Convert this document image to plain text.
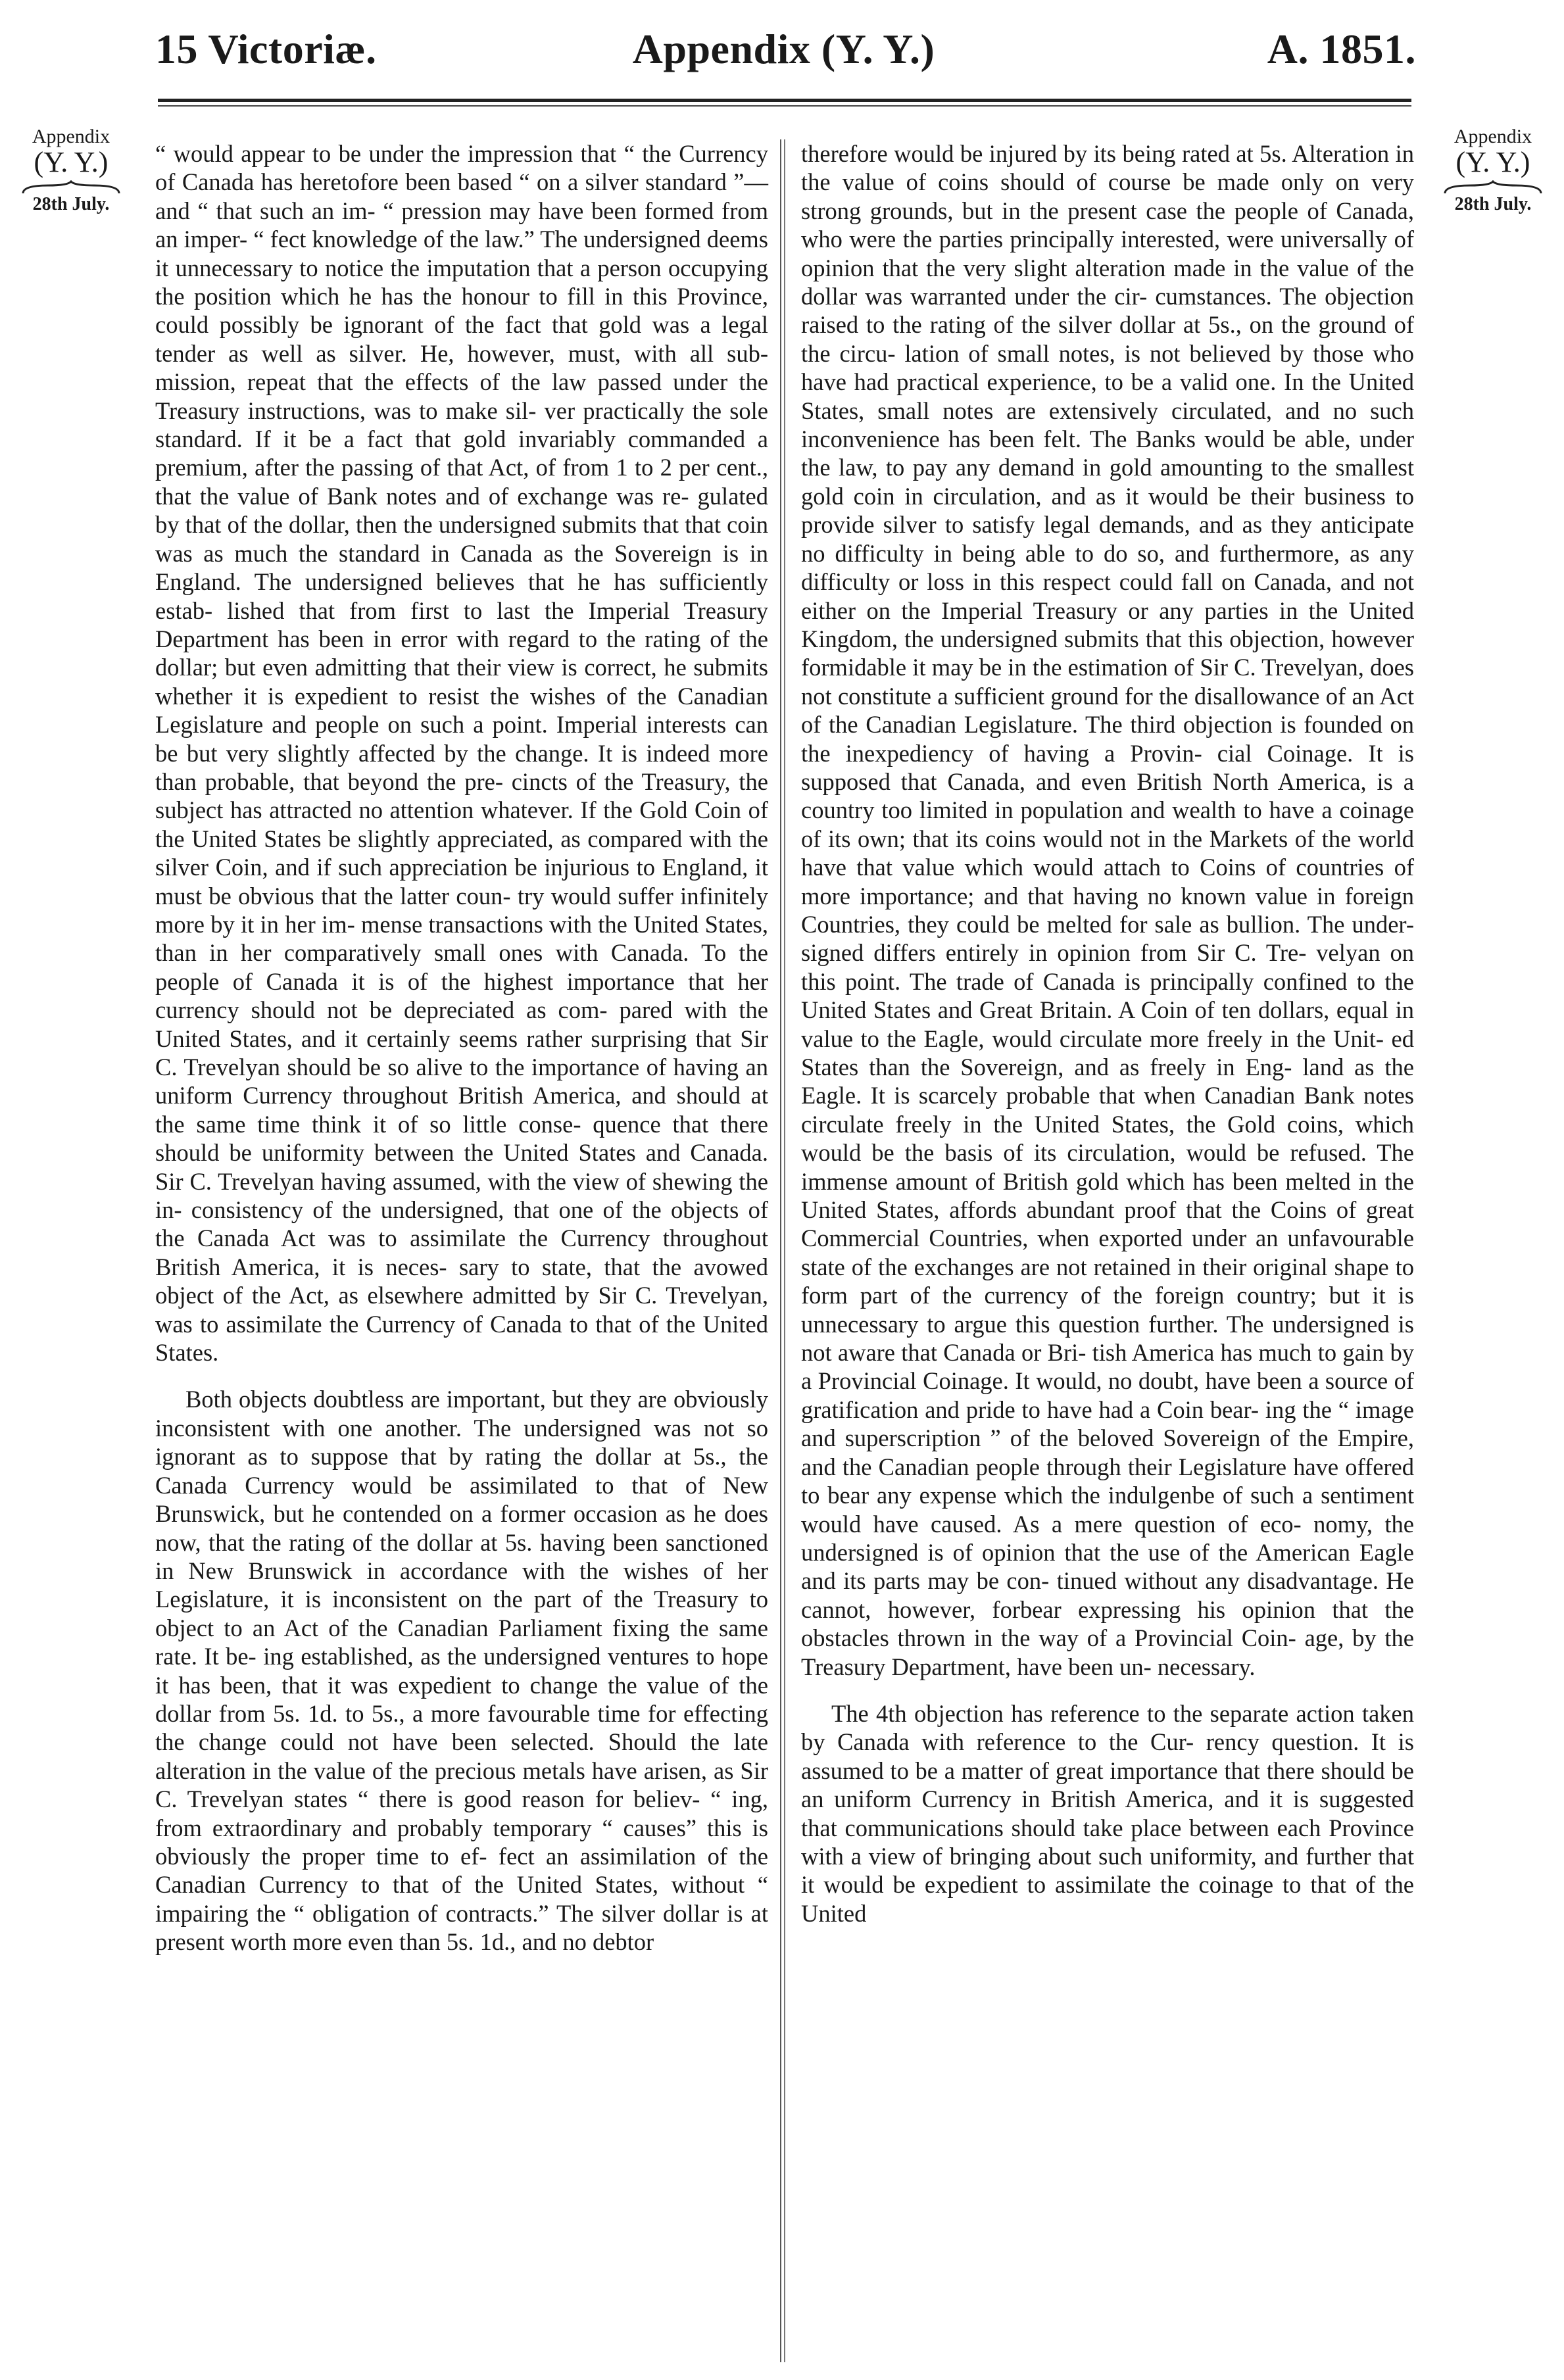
15 Victoriæ.	Appendix (Y. Y.)	A. 1851.
Appendix
(Y. Y.)
28th July.
Appendix
(Y. Y.)
28th July.

“ would appear to be under the impression that “ the Currency of Canada has heretofore been based “ on a silver standard ”—and “ that such an im- “ pression may have been formed from an imper- “ fect knowledge of the law.” The undersigned deems it unnecessary to notice the imputation that a person occupying the position which he has the honour to fill in this Province, could possibly be ignorant of the fact that gold was a legal tender as well as silver. He, however, must, with all sub- mission, repeat that the effects of the law passed under the Treasury instructions, was to make sil- ver practically the sole standard. If it be a fact that gold invariably commanded a premium, after the passing of that Act, of from 1 to 2 per cent., that the value of Bank notes and of exchange was re- gulated by that of the dollar, then the undersigned submits that that coin was as much the standard in Canada as the Sovereign is in England. The undersigned believes that he has sufficiently estab- lished that from first to last the Imperial Treasury Department has been in error with regard to the rating of the dollar; but even admitting that their view is correct, he submits whether it is expedient to resist the wishes of the Canadian Legislature and people on such a point. Imperial interests can be but very slightly affected by the change. It is indeed more than probable, that beyond the pre- cincts of the Treasury, the subject has attracted no attention whatever. If the Gold Coin of the United States be slightly appreciated, as compared with the silver Coin, and if such appreciation be injurious to England, it must be obvious that the latter coun- try would suffer infinitely more by it in her im- mense transactions with the United States, than in her comparatively small ones with Canada. To the people of Canada it is of the highest importance that her currency should not be depreciated as com- pared with the United States, and it certainly seems rather surprising that Sir C. Trevelyan should be so alive to the importance of having an uniform Currency throughout British America, and should at the same time think it of so little conse- quence that there should be uniformity between the United States and Canada. Sir C. Trevelyan having assumed, with the view of shewing the in- consistency of the undersigned, that one of the objects of the Canada Act was to assimilate the Currency throughout British America, it is neces- sary to state, that the avowed object of the Act, as elsewhere admitted by Sir C. Trevelyan, was to assimilate the Currency of Canada to that of the United States.

Both objects doubtless are important, but they are obviously inconsistent with one another. The undersigned was not so ignorant as to suppose that by rating the dollar at 5s., the Canada Currency would be assimilated to that of New Brunswick, but he contended on a former occasion as he does now, that the rating of the dollar at 5s. having been sanctioned in New Brunswick in accordance with the wishes of her Legislature, it is inconsistent on the part of the Treasury to object to an Act of the Canadian Parliament fixing the same rate. It be- ing established, as the undersigned ventures to hope it has been, that it was expedient to change the value of the dollar from 5s. 1d. to 5s., a more favourable time for effecting the change could not have been selected. Should the late alteration in the value of the precious metals have arisen, as Sir C. Trevelyan states “ there is good reason for believ- “ ing, from extraordinary and probably temporary “ causes” this is obviously the proper time to ef- fect an assimilation of the Canadian Currency to that of the United States, without “ impairing the “ obligation of contracts.” The silver dollar is at present worth more even than 5s. 1d., and no debtor

therefore would be injured by its being rated at 5s. Alteration in the value of coins should of course be made only on very strong grounds, but in the present case the people of Canada, who were the parties principally interested, were universally of opinion that the very slight alteration made in the value of the dollar was warranted under the cir- cumstances. The objection raised to the rating of the silver dollar at 5s., on the ground of the circu- lation of small notes, is not believed by those who have had practical experience, to be a valid one. In the United States, small notes are extensively circulated, and no such inconvenience has been felt. The Banks would be able, under the law, to pay any demand in gold amounting to the smallest gold coin in circulation, and as it would be their business to provide silver to satisfy legal demands, and as they anticipate no difficulty in being able to do so, and furthermore, as any difficulty or loss in this respect could fall on Canada, and not either on the Imperial Treasury or any parties in the United Kingdom, the undersigned submits that this objection, however formidable it may be in the estimation of Sir C. Trevelyan, does not constitute a sufficient ground for the disallowance of an Act of the Canadian Legislature. The third objection is founded on the inexpediency of having a Provin- cial Coinage. It is supposed that Canada, and even British North America, is a country too limited in population and wealth to have a coinage of its own; that its coins would not in the Markets of the world have that value which would attach to Coins of countries of more importance; and that having no known value in foreign Countries, they could be melted for sale as bullion. The under- signed differs entirely in opinion from Sir C. Tre- velyan on this point. The trade of Canada is principally confined to the United States and Great Britain. A Coin of ten dollars, equal in value to the Eagle, would circulate more freely in the Unit- ed States than the Sovereign, and as freely in Eng- land as the Eagle. It is scarcely probable that when Canadian Bank notes circulate freely in the United States, the Gold coins, which would be the basis of its circulation, would be refused. The immense amount of British gold which has been melted in the United States, affords abundant proof that the Coins of great Commercial Countries, when exported under an unfavourable state of the exchanges are not retained in their original shape to form part of the currency of the foreign country; but it is unnecessary to argue this question further. The undersigned is not aware that Canada or Bri- tish America has much to gain by a Provincial Coinage. It would, no doubt, have been a source of gratification and pride to have had a Coin bear- ing the “ image and superscription ” of the beloved Sovereign of the Empire, and the Canadian people through their Legislature have offered to bear any expense which the indulgenbe of such a sentiment would have caused. As a mere question of eco- nomy, the undersigned is of opinion that the use of the American Eagle and its parts may be con- tinued without any disadvantage. He cannot, however, forbear expressing his opinion that the obstacles thrown in the way of a Provincial Coin- age, by the Treasury Department, have been un- necessary.

The 4th objection has reference to the separate action taken by Canada with reference to the Cur- rency question. It is assumed to be a matter of great importance that there should be an uniform Currency in British America, and it is suggested that communications should take place between each Province with a view of bringing about such uniformity, and further that it would be expedient to assimilate the coinage to that of the United
